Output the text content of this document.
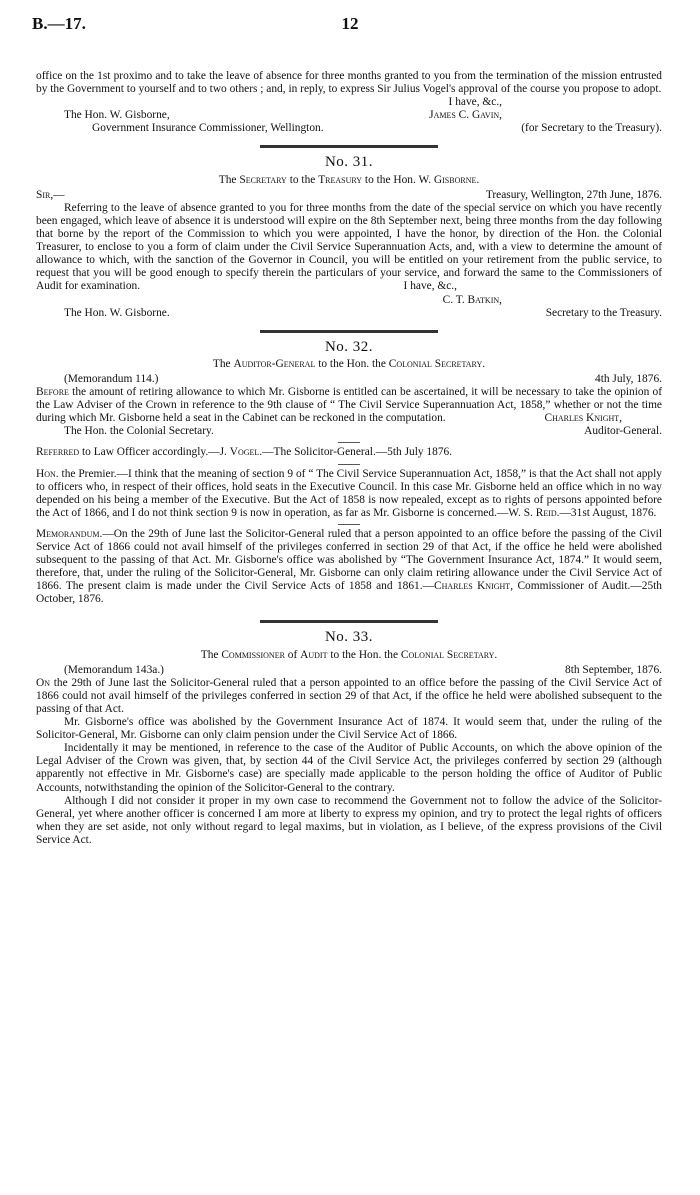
B.—17.	12

office on the 1st proximo and to take the leave of absence for three months granted to you from the termination of the mission entrusted by the Government to yourself and to two others ; and, in reply, to express Sir Julius Vogel's approval of the course you propose to adopt.

I have, &c.,
The Hon. W. Gisborne,	James C. Gavin,
Government Insurance Commissioner, Wellington.	(for Secretary to the Treasury).
No. 31.
The Secretary to the Treasury to the Hon. W. Gisborne.
Sir,—	Treasury, Wellington, 27th June, 1876.

Referring to the leave of absence granted to you for three months from the date of the special service on which you have recently been engaged, which leave of absence it is understood will expire on the 8th September next, being three months from the day following that borne by the report of the Commission to which you were appointed, I have the honor, by direction of the Hon. the Colonial Treasurer, to enclose to you a form of claim under the Civil Service Superannuation Acts, and, with a view to determine the amount of allowance to which, with the sanction of the Governor in Council, you will be entitled on your retirement from the public service, to request that you will be good enough to specify therein the particulars of your service, and forward the same to the Commissioners of Audit for examination.	I have, &c.,
C. T. Batkin,
The Hon. W. Gisborne.	Secretary to the Treasury.
No. 32.
The Auditor-General to the Hon. the Colonial Secretary.
(Memorandum 114.)	4th July, 1876.

Before the amount of retiring allowance to which Mr. Gisborne is entitled can be ascertained, it will be necessary to take the opinion of the Law Adviser of the Crown in reference to the 9th clause of “ The Civil Service Superannuation Act, 1858,” whether or not the time during which Mr. Gisborne held a seat in the Cabinet can be reckoned in the computation.	Charles Knight,
The Hon. the Colonial Secretary.	Auditor-General.

Referred to Law Officer accordingly.—J. Vogel.—The Solicitor-General.—5th July 1876.

Hon. the Premier.—I think that the meaning of section 9 of “ The Civil Service Superannuation Act, 1858,” is that the Act shall not apply to officers who, in respect of their offices, hold seats in the Executive Council. In this case Mr. Gisborne held an office which in no way depended on his being a member of the Executive. But the Act of 1858 is now repealed, except as to rights of persons appointed before the Act of 1866, and I do not think section 9 is now in operation, as far as Mr. Gisborne is concerned.—W. S. Reid.—31st August, 1876.

Memorandum.—On the 29th of June last the Solicitor-General ruled that a person appointed to an office before the passing of the Civil Service Act of 1866 could not avail himself of the privileges conferred in section 29 of that Act, if the office he held were abolished subsequent to the passing of that Act. Mr. Gisborne's office was abolished by “The Government Insurance Act, 1874.” It would seem, therefore, that, under the ruling of the Solicitor-General, Mr. Gisborne can only claim retiring allowance under the Civil Service Act of 1866. The present claim is made under the Civil Service Acts of 1858 and 1861.—Charles Knight, Commissioner of Audit.—25th October, 1876.

No. 33.
The Commissioner of Audit to the Hon. the Colonial Secretary.
(Memorandum 143a.)	8th September, 1876.

On the 29th of June last the Solicitor-General ruled that a person appointed to an office before the passing of the Civil Service Act of 1866 could not avail himself of the privileges conferred in section 29 of that Act, if the office he held were abolished subsequent to the passing of that Act.

Mr. Gisborne's office was abolished by the Government Insurance Act of 1874. It would seem that, under the ruling of the Solicitor-General, Mr. Gisborne can only claim pension under the Civil Service Act of 1866.

Incidentally it may be mentioned, in reference to the case of the Auditor of Public Accounts, on which the above opinion of the Legal Adviser of the Crown was given, that, by section 44 of the Civil Service Act, the privileges conferred by section 29 (although apparently not effective in Mr. Gisborne's case) are specially made applicable to the person holding the office of Auditor of Public Accounts, notwithstanding the opinion of the Solicitor-General to the contrary.

Although I did not consider it proper in my own case to recommend the Government not to follow the advice of the Solicitor-General, yet where another officer is concerned I am more at liberty to express my opinion, and try to protect the legal rights of officers when they are set aside, not only without regard to legal maxims, but in violation, as I believe, of the express provisions of the Civil Service Act.
